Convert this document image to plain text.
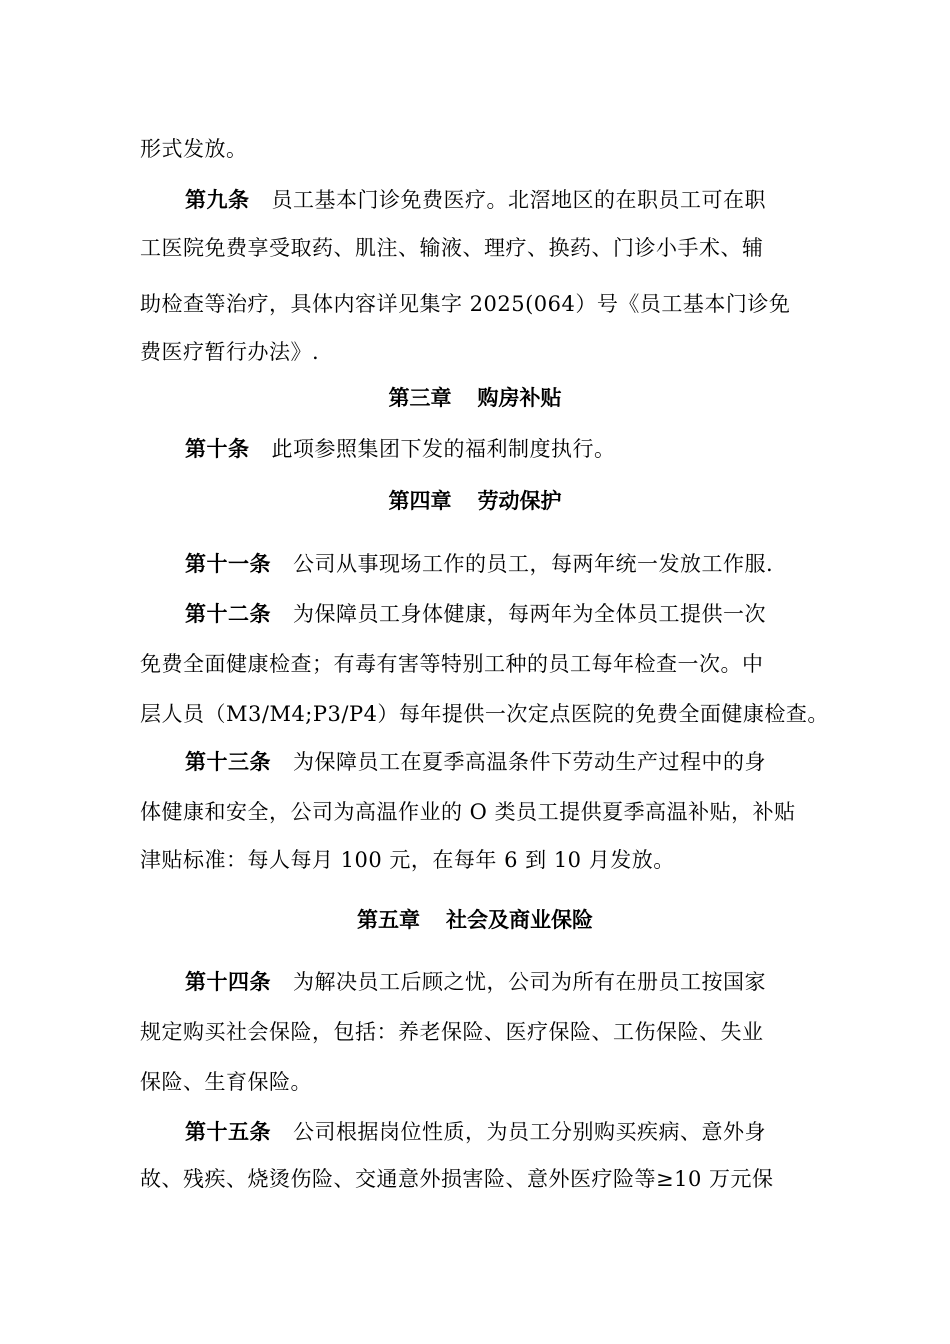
形式发放。
第九条 员工基本门诊免费医疗。北滘地区的在职员工可在职
工医院免费享受取药、肌注、输液、理疗、换药、门诊小手术、辅
助检查等治疗，具体内容详见集字 2025(064）号《员工基本门诊免
费医疗暂行办法》.
第三章 购房补贴
第十条 此项参照集团下发的福利制度执行。
第四章 劳动保护
第十一条 公司从事现场工作的员工，每两年统一发放工作服.
第十二条 为保障员工身体健康，每两年为全体员工提供一次
免费全面健康检查；有毒有害等特别工种的员工每年检查一次。中
层人员（M3/M4;P3/P4）每年提供一次定点医院的免费全面健康检查。
第十三条 为保障员工在夏季高温条件下劳动生产过程中的身
体健康和安全，公司为高温作业的 O 类员工提供夏季高温补贴，补贴
津贴标准：每人每月 100 元，在每年 6 到 10 月发放。
第五章 社会及商业保险
第十四条 为解决员工后顾之忧，公司为所有在册员工按国家
规定购买社会保险，包括：养老保险、医疗保险、工伤保险、失业
保险、生育保险。
第十五条 公司根据岗位性质，为员工分别购买疾病、意外身
故、残疾、烧烫伤险、交通意外损害险、意外医疗险等≥10 万元保
